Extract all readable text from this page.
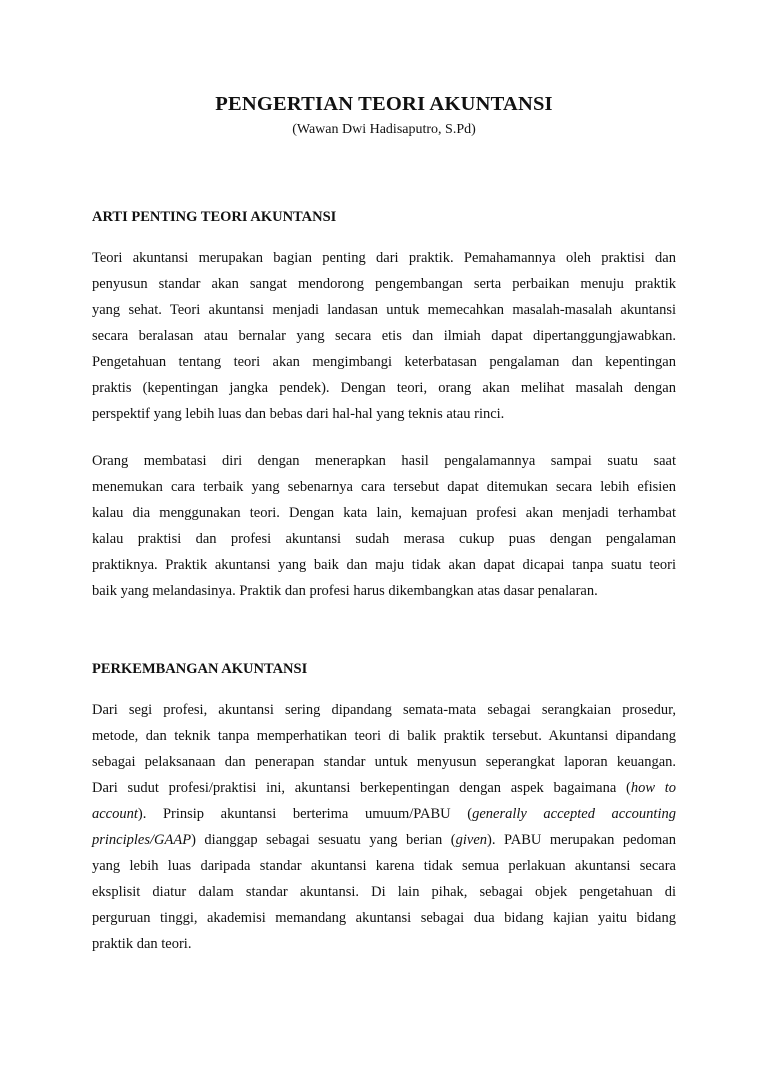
PENGERTIAN TEORI AKUNTANSI

(Wawan Dwi Hadisaputro, S.Pd)

ARTI PENTING TEORI AKUNTANSI
Teori akuntansi merupakan bagian penting dari praktik. Pemahamannya oleh praktisi dan
penyusun standar akan sangat mendorong pengembangan serta perbaikan menuju praktik
yang sehat. Teori akuntansi menjadi landasan untuk memecahkan masalah-masalah akuntansi
secara beralasan atau bernalar yang secara etis dan ilmiah dapat dipertanggungjawabkan.
Pengetahuan tentang teori akan mengimbangi keterbatasan pengalaman dan kepentingan
praktis (kepentingan jangka pendek). Dengan teori, orang akan melihat masalah dengan
perspektif yang lebih luas dan bebas dari hal-hal yang teknis atau rinci.
Orang membatasi diri dengan menerapkan hasil pengalamannya sampai suatu saat
menemukan cara terbaik yang sebenarnya cara tersebut dapat ditemukan secara lebih efisien
kalau dia menggunakan teori. Dengan kata lain, kemajuan profesi akan menjadi terhambat
kalau praktisi dan profesi akuntansi sudah merasa cukup puas dengan pengalaman
praktiknya. Praktik akuntansi yang baik dan maju tidak akan dapat dicapai tanpa suatu teori
baik yang melandasinya. Praktik dan profesi harus dikembangkan atas dasar penalaran.
PERKEMBANGAN AKUNTANSI
Dari segi profesi, akuntansi sering dipandang semata-mata sebagai serangkaian prosedur,
metode, dan teknik tanpa memperhatikan teori di balik praktik tersebut. Akuntansi dipandang
sebagai pelaksanaan dan penerapan standar untuk menyusun seperangkat laporan keuangan.
Dari sudut profesi/praktisi ini, akuntansi berkepentingan dengan aspek bagaimana (how to
account). Prinsip akuntansi berterima umuum/PABU (generally accepted accounting
principles/GAAP) dianggap sebagai sesuatu yang berian (given). PABU merupakan pedoman
yang lebih luas daripada standar akuntansi karena tidak semua perlakuan akuntansi secara
eksplisit diatur dalam standar akuntansi. Di lain pihak, sebagai objek pengetahuan di
perguruan tinggi, akademisi memandang akuntansi sebagai dua bidang kajian yaitu bidang
praktik dan teori.
